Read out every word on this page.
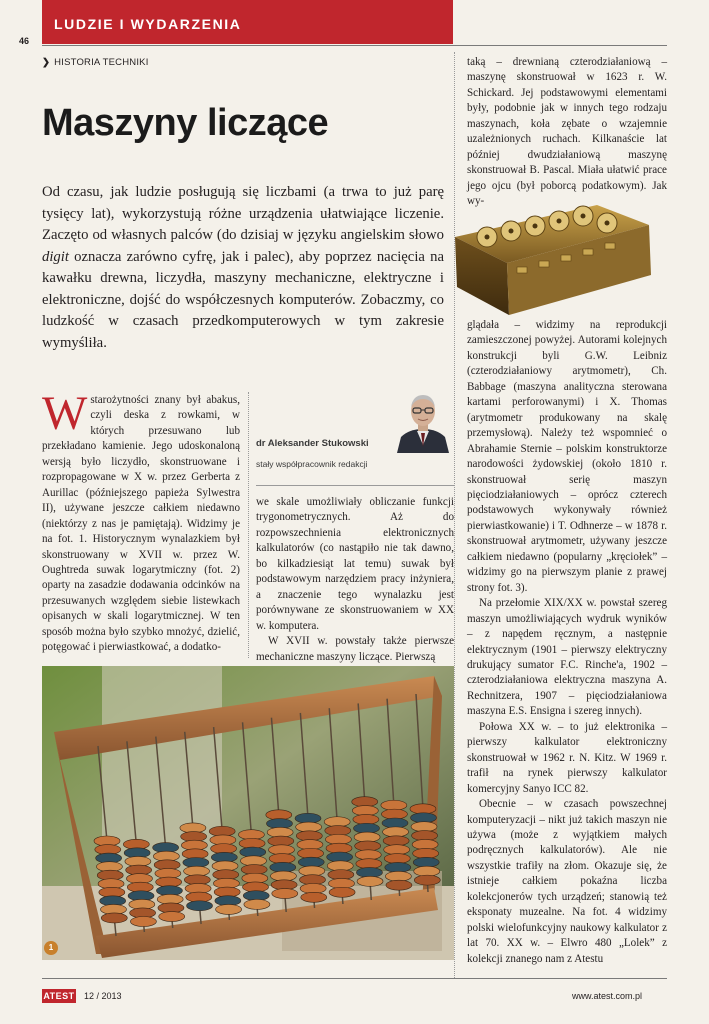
LUDZIE I WYDARZENIA
46
❯ HISTORIA TECHNIKI
Maszyny liczące
Od czasu, jak ludzie posługują się liczbami (a trwa to już parę tysięcy lat), wykorzystują różne urządzenia ułatwiające liczenie. Zaczęto od własnych palców (do dzisiaj w języku angielskim słowo digit oznacza zarówno cyfrę, jak i palec), aby poprzez nacięcia na kawałku drewna, liczydła, maszyny mechaniczne, elektryczne i elektroniczne, dojść do współczesnych komputerów. Zobaczmy, co ludzkość w czasach przedkomputerowych w tym zakresie wymyśliła.
W starożytności znany był abakus, czyli deska z rowkami, w których przesuwano lub przekładano kamienie. Jego udoskonaloną wersją było liczydło, skonstruowane i rozpropagowane w X w. przez Gerberta z Aurillac (późniejszego papieża Sylwestra II), używane jeszcze całkiem niedawno (niektórzy z nas je pamiętają). Widzimy je na fot. 1. Historycznym wynalazkiem był skonstruowany w XVII w. przez W. Oughtreda suwak logarytmiczny (fot. 2) oparty na zasadzie dodawania odcinków na przesuwanych względem siebie listewkach opisanych w skali logarytmicznej. W ten sposób można było szybko mnożyć, dzielić, potęgować i pierwiastkować, a dodatko-
dr Aleksander Stukowski
stały współpracownik redakcji

we skale umożliwiały obliczanie funkcji trygonometrycznych. Aż do rozpowszechnienia elektronicznych kalkulatorów (co nastąpiło nie tak dawno, bo kilkadziesiąt lat temu) suwak był podstawowym narzędziem pracy inżyniera, a znaczenie tego wynalazku jest porównywane ze skonstruowaniem w XX w. komputera.

W XVII w. powstały także pierwsze mechaniczne maszyny liczące. Pierwszą

taką – drewnianą czterodziałaniową – maszynę skonstruował w 1623 r. W. Schickard. Jej podstawowymi elementami były, podobnie jak w innych tego rodzaju maszynach, koła zębate o wzajemnie uzależnionych ruchach. Kilkanaście lat później dwudziałaniową maszynę skonstruował B. Pascal. Miała ułatwić prace jego ojcu (był poborcą podatkowym). Jak wy-

glądała – widzimy na reprodukcji zamieszczonej powyżej. Autorami kolejnych konstrukcji byli G.W. Leibniz (czterodziałaniowy arytmometr), Ch. Babbage (maszyna analityczna sterowana kartami perforowanymi) i X. Thomas (arytmometr produkowany na skalę przemysłową). Należy też wspomnieć o Abrahamie Sternie – polskim konstruktorze narodowości żydowskiej (około 1810 r. skonstruował serię maszyn pięciodziałaniowych – oprócz czterech podstawowych wykonywały również pierwiastkowanie) i T. Odhnerze – w 1878 r. skonstruował arytmometr, używany jeszcze całkiem niedawno (popularny „kręciołek” – widzimy go na pierwszym planie z prawej strony fot. 3).

Na przełomie XIX/XX w. powstał szereg maszyn umożliwiających wydruk wyników – z napędem ręcznym, a następnie elektrycznym (1901 – pierwszy elektryczny drukujący sumator F.C. Rinche'a, 1902 – czterodziałaniowa elektryczna maszyna A. Rechnitzera, 1907 – pięciodziałaniowa maszyna E.S. Ensigna i szereg innych).

Połowa XX w. – to już elektronika – pierwszy kalkulator elektroniczny skonstruował w 1962 r. N. Kitz. W 1969 r. trafił na rynek pierwszy kalkulator komercyjny Sanyo ICC 82.

Obecnie – w czasach powszechnej komputeryzacji – nikt już takich maszyn nie używa (może z wyjątkiem małych podręcznych kalkulatorów). Ale nie wszystkie trafiły na złom. Okazuje się, że istnieje całkiem pokaźna liczba kolekcjonerów tych urządzeń; stanowią też eksponaty muzealne. Na fot. 4 widzimy polski wielofunkcyjny naukowy kalkulator z lat 70. XX w. – Elwro 480 „Lolek” z kolekcji znanego nam z Atestu

1
ATEST 12 / 2013	www.atest.com.pl
